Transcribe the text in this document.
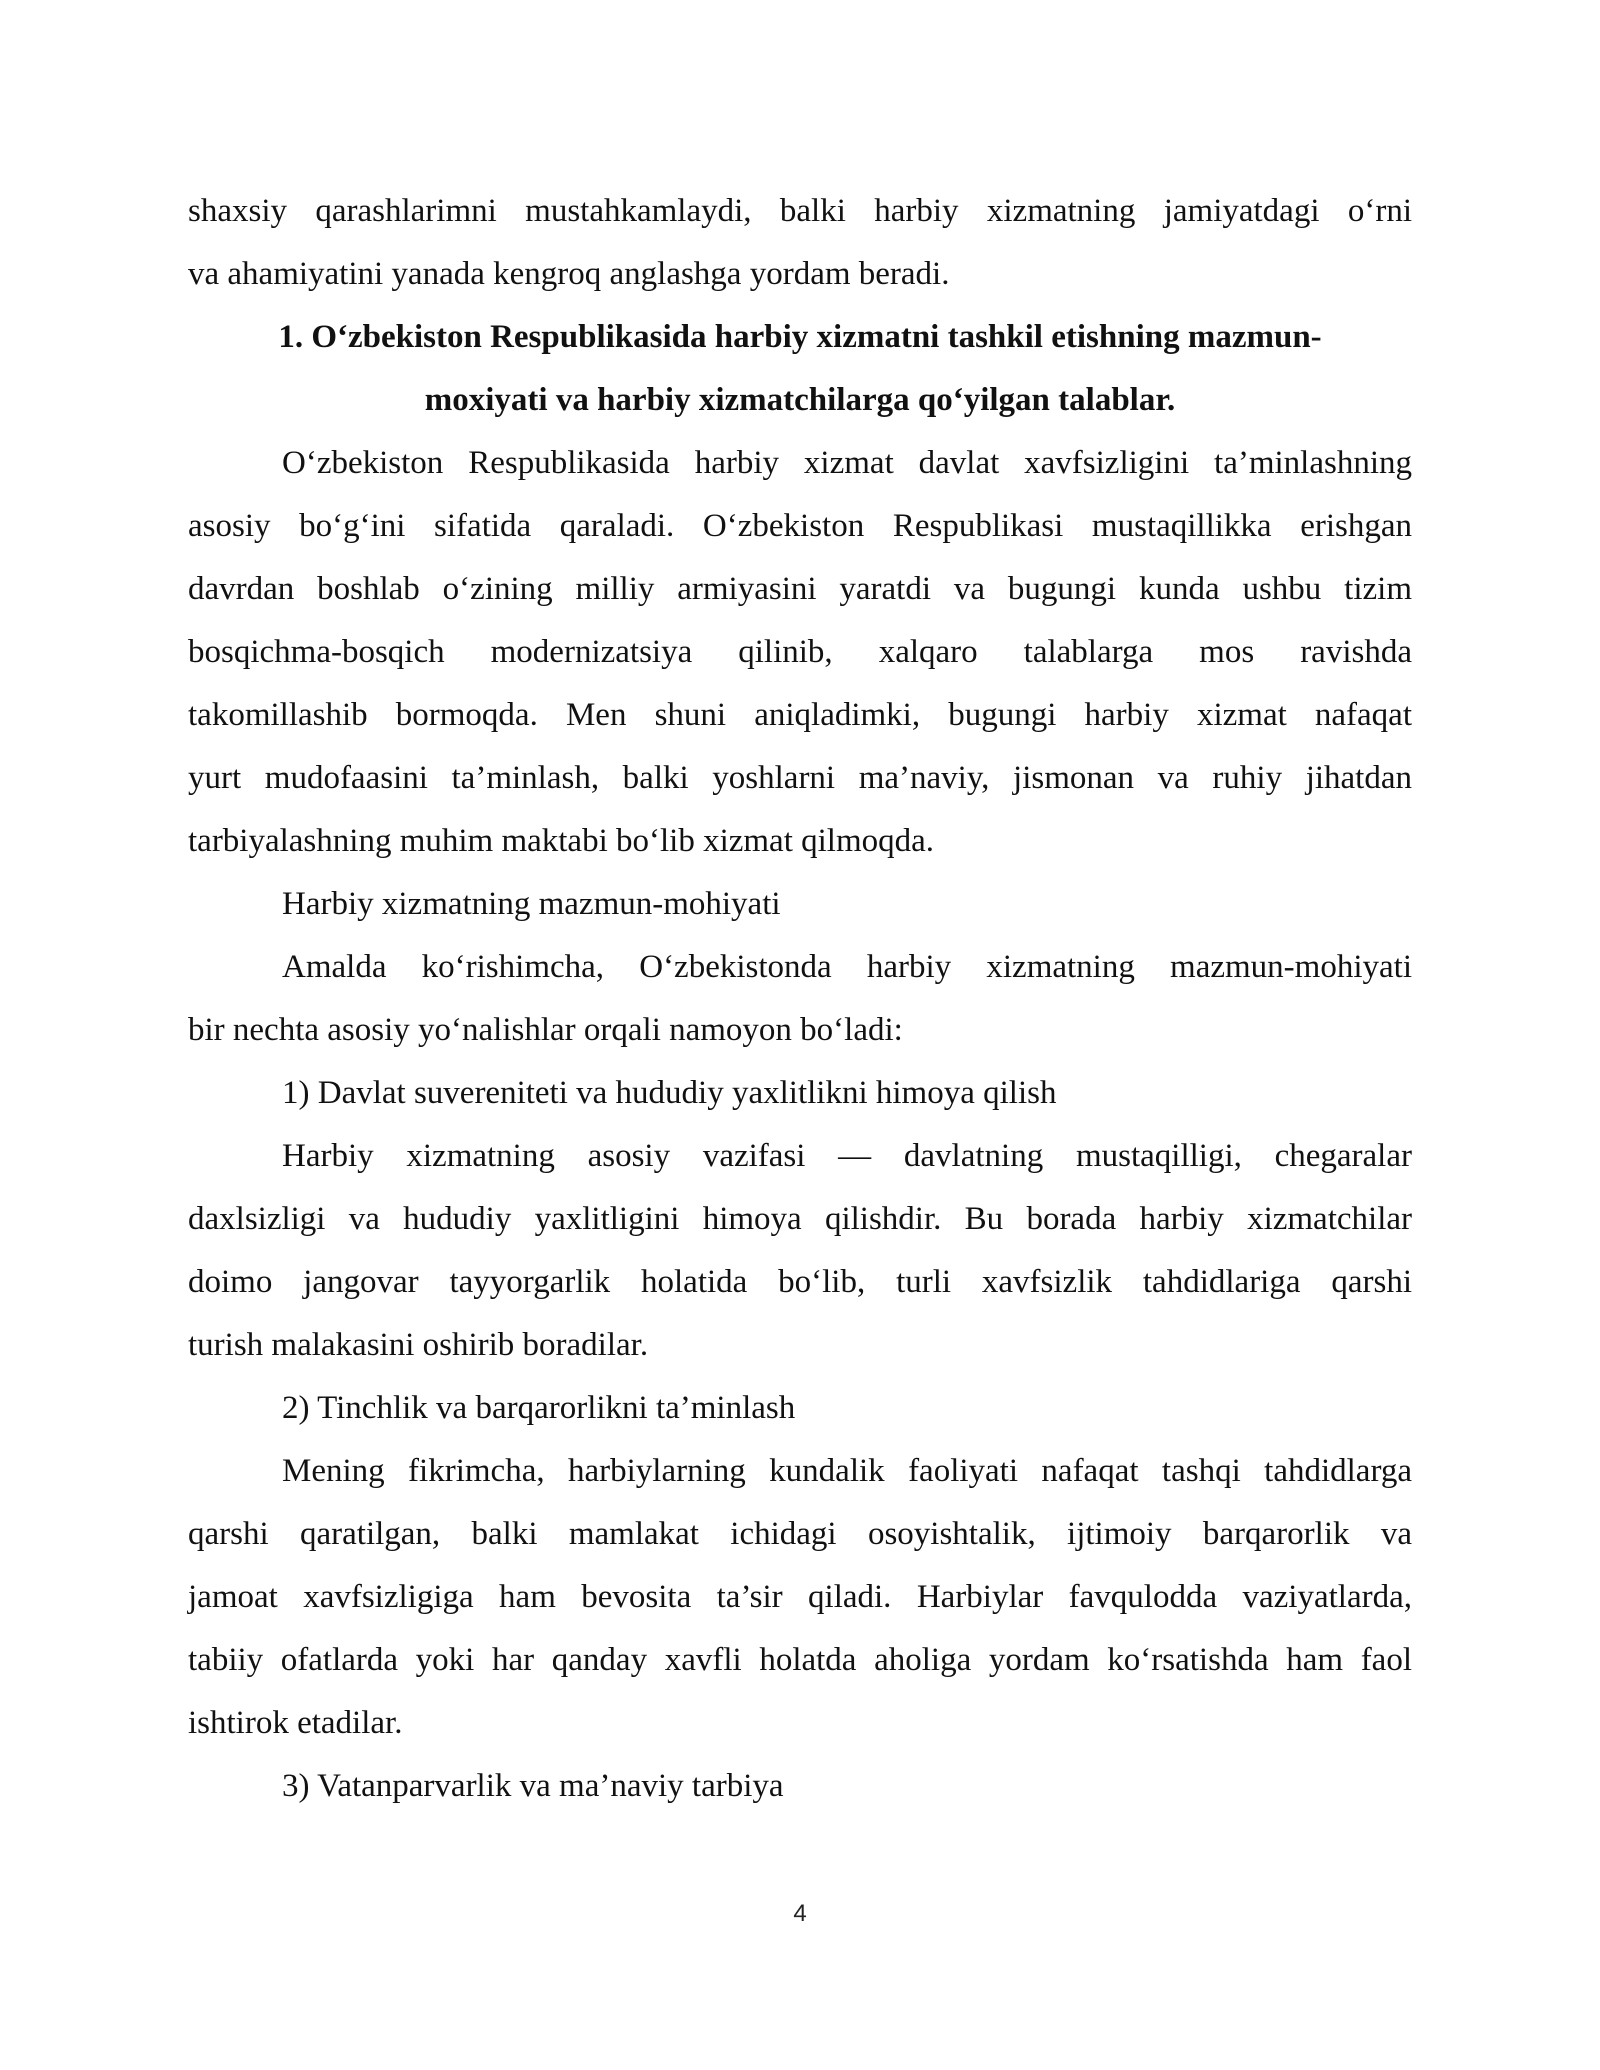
shaxsiy qarashlarimni mustahkamlaydi, balki harbiy xizmatning jamiyatdagi o‘rni
va ahamiyatini yanada kengroq anglashga yordam beradi.
1. O‘zbekiston Respublikasida harbiy xizmatni tashkil etishning mazmun-
moxiyati va harbiy xizmatchilarga qo‘yilgan talablar.
O‘zbekiston Respublikasida harbiy xizmat davlat xavfsizligini ta’minlashning
asosiy bo‘g‘ini sifatida qaraladi. O‘zbekiston Respublikasi mustaqillikka erishgan
davrdan boshlab o‘zining milliy armiyasini yaratdi va bugungi kunda ushbu tizim
bosqichma-bosqich modernizatsiya qilinib, xalqaro talablarga mos ravishda
takomillashib bormoqda. Men shuni aniqladimki, bugungi harbiy xizmat nafaqat
yurt mudofaasini ta’minlash, balki yoshlarni ma’naviy, jismonan va ruhiy jihatdan
tarbiyalashning muhim maktabi bo‘lib xizmat qilmoqda.
Harbiy xizmatning mazmun-mohiyati
Amalda ko‘rishimcha, O‘zbekistonda harbiy xizmatning mazmun-mohiyati
bir nechta asosiy yo‘nalishlar orqali namoyon bo‘ladi:
1) Davlat suvereniteti va hududiy yaxlitlikni himoya qilish
Harbiy xizmatning asosiy vazifasi — davlatning mustaqilligi, chegaralar
daxlsizligi va hududiy yaxlitligini himoya qilishdir. Bu borada harbiy xizmatchilar
doimo jangovar tayyorgarlik holatida bo‘lib, turli xavfsizlik tahdidlariga qarshi
turish malakasini oshirib boradilar.
2) Tinchlik va barqarorlikni ta’minlash
Mening fikrimcha, harbiylarning kundalik faoliyati nafaqat tashqi tahdidlarga
qarshi qaratilgan, balki mamlakat ichidagi osoyishtalik, ijtimoiy barqarorlik va
jamoat xavfsizligiga ham bevosita ta’sir qiladi. Harbiylar favqulodda vaziyatlarda,
tabiiy ofatlarda yoki har qanday xavfli holatda aholiga yordam ko‘rsatishda ham faol
ishtirok etadilar.
3) Vatanparvarlik va ma’naviy tarbiya
4
